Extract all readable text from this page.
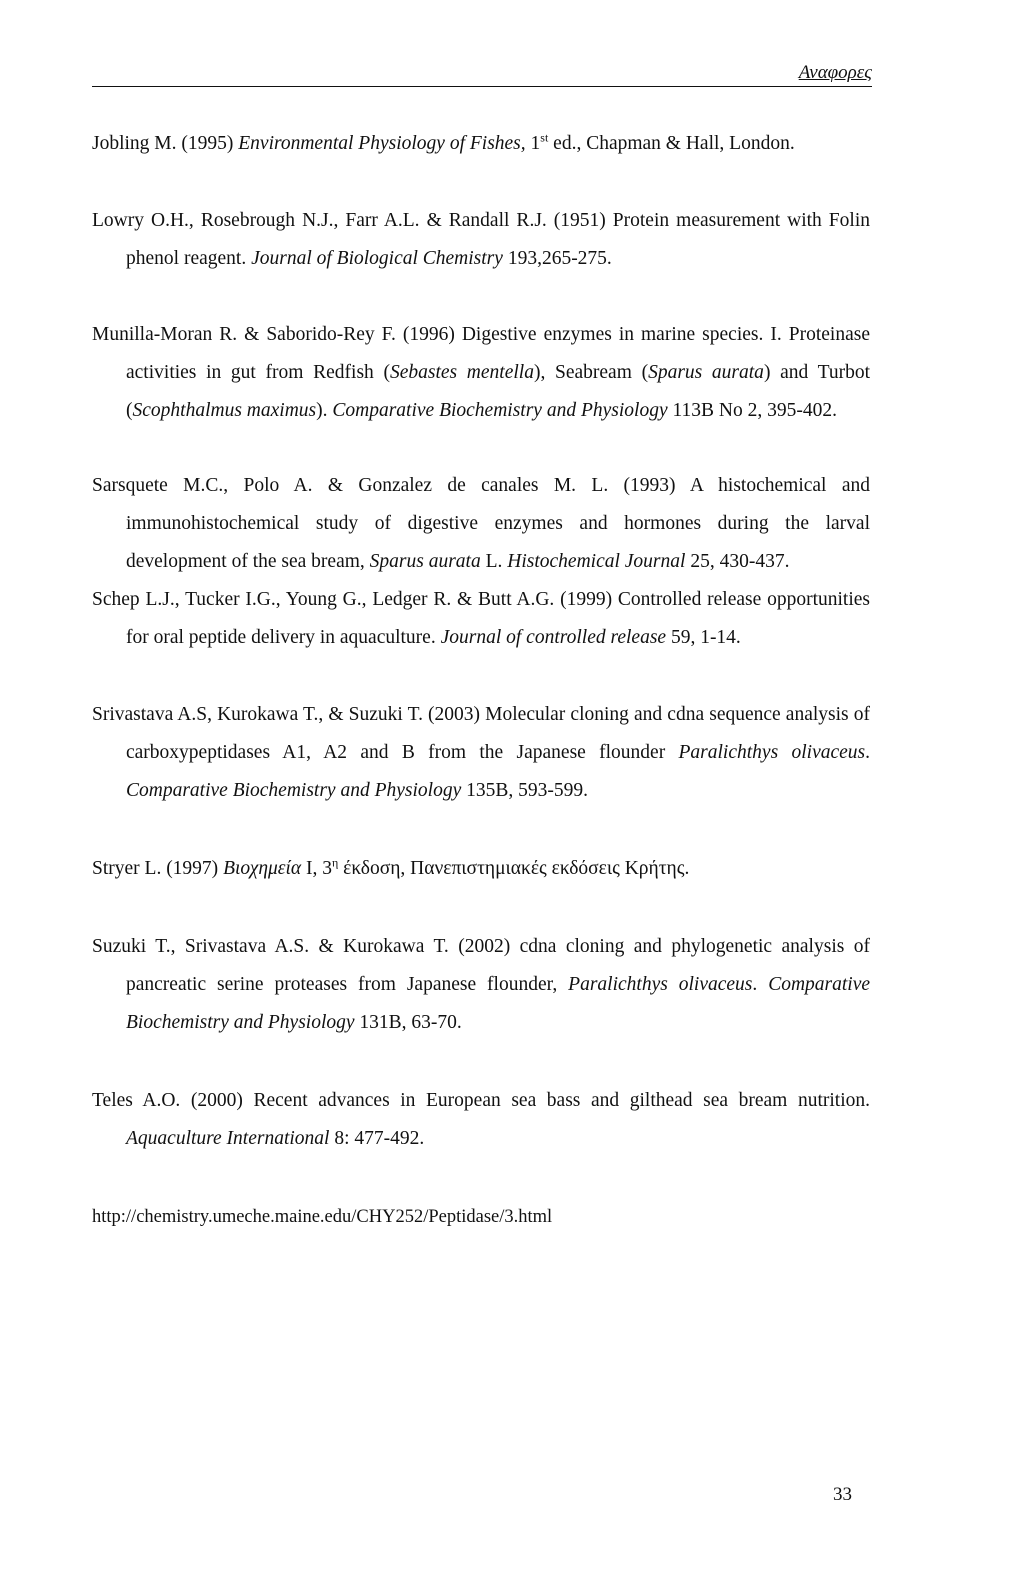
Αναφορες

Jobling M. (1995) Environmental Physiology of Fishes, 1st ed., Chapman & Hall, London.

Lowry O.H., Rosebrough N.J., Farr A.L. & Randall R.J. (1951) Protein measurement with Folin phenol reagent. Journal of Biological Chemistry 193,265-275.

Munilla-Moran R. & Saborido-Rey F. (1996) Digestive enzymes in marine species. I. Proteinase activities in gut from Redfish (Sebastes mentella), Seabream (Sparus aurata) and Turbot (Scophthalmus maximus). Comparative Biochemistry and Physiology 113B No 2, 395-402.

Sarsquete M.C., Polo A. & Gonzalez de canales M. L. (1993) A histochemical and immunohistochemical study of digestive enzymes and hormones during the larval development of the sea bream, Sparus aurata L. Histochemical Journal 25, 430-437.

Schep L.J., Tucker I.G., Young G., Ledger R. & Butt A.G. (1999) Controlled release opportunities for oral peptide delivery in aquaculture. Journal of controlled release 59, 1-14.

Srivastava A.S, Kurokawa T., & Suzuki T. (2003) Molecular cloning and cdna sequence analysis of carboxypeptidases A1, A2 and B from the Japanese flounder Paralichthys olivaceus. Comparative Biochemistry and Physiology 135B, 593-599.

Stryer L. (1997) Βιοχημεία I, $3^\eta$ έκδοση, Πανεπιστημιακές εκδόσεις Κρήτης.

Suzuki T., Srivastava A.S. & Kurokawa T. (2002) cdna cloning and phylogenetic analysis of pancreatic serine proteases from Japanese flounder, Paralichthys olivaceus. Comparative Biochemistry and Physiology 131B, 63-70.

Teles A.O. (2000) Recent advances in European sea bass and gilthead sea bream nutrition. Aquaculture International 8: 477-492.

http://chemistry.umeche.maine.edu/CHY252/Peptidase/3.html

33
